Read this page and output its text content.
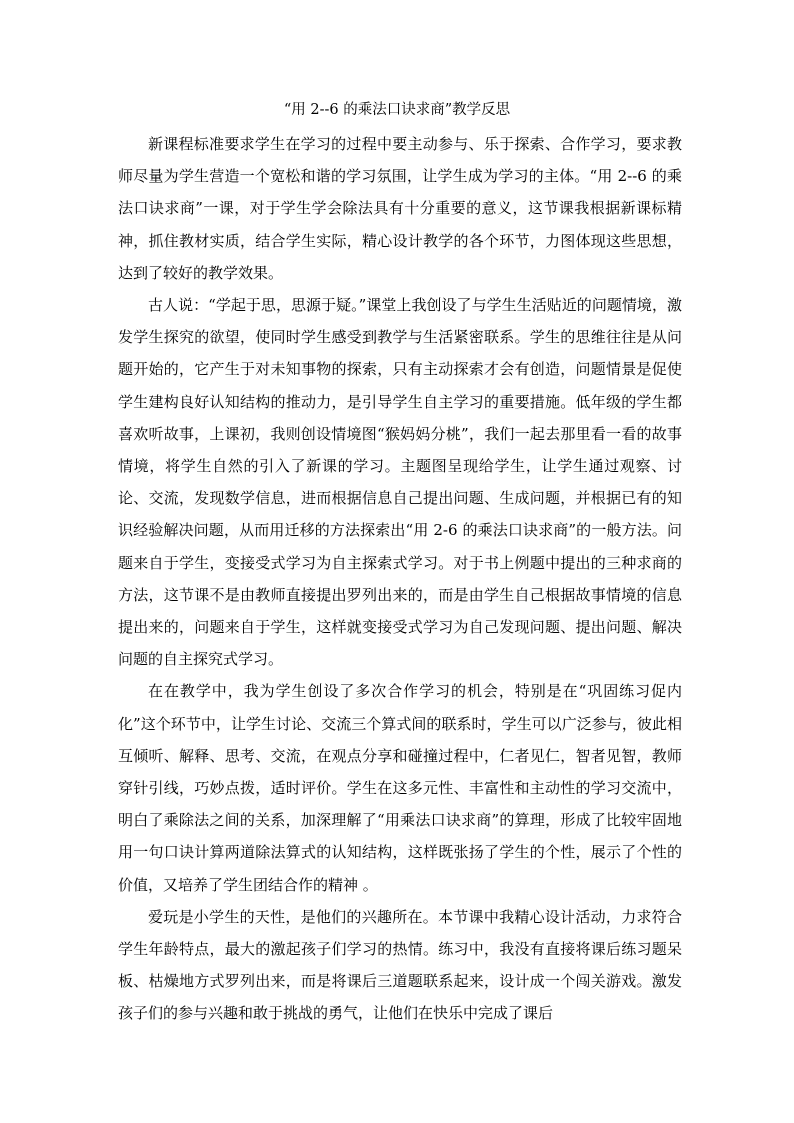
“用 2--6 的乘法口诀求商”教学反思

新课程标准要求学生在学习的过程中要主动参与、乐于探索、合作学习，要求教师尽量为学生营造一个宽松和谐的学习氛围，让学生成为学习的主体。“用 2--6 的乘法口诀求商”一课，对于学生学会除法具有十分重要的意义，这节课我根据新课标精神，抓住教材实质，结合学生实际，精心设计教学的各个环节，力图体现这些思想，达到了较好的教学效果。

古人说：“学起于思，思源于疑。”课堂上我创设了与学生生活贴近的问题情境，激发学生探究的欲望，使同时学生感受到教学与生活紧密联系。学生的思维往往是从问题开始的，它产生于对未知事物的探索，只有主动探索才会有创造，问题情景是促使学生建构良好认知结构的推动力，是引导学生自主学习的重要措施。低年级的学生都喜欢听故事，上课初，我则创设情境图“猴妈妈分桃”，我们一起去那里看一看的故事情境，将学生自然的引入了新课的学习。主题图呈现给学生，让学生通过观察、讨论、交流，发现数学信息，进而根据信息自己提出问题、生成问题，并根据已有的知识经验解决问题，从而用迁移的方法探索出“用 2-6 的乘法口诀求商”的一般方法。问题来自于学生，变接受式学习为自主探索式学习。对于书上例题中提出的三种求商的方法，这节课不是由教师直接提出罗列出来的，而是由学生自己根据故事情境的信息提出来的，问题来自于学生，这样就变接受式学习为自己发现问题、提出问题、解决问题的自主探究式学习。

在在教学中，我为学生创设了多次合作学习的机会，特别是在“巩固练习促内化”这个环节中，让学生讨论、交流三个算式间的联系时，学生可以广泛参与，彼此相互倾听、解释、思考、交流，在观点分享和碰撞过程中，仁者见仁，智者见智，教师穿针引线，巧妙点拨，适时评价。学生在这多元性、丰富性和主动性的学习交流中，明白了乘除法之间的关系，加深理解了“用乘法口诀求商”的算理，形成了比较牢固地用一句口诀计算两道除法算式的认知结构，这样既张扬了学生的个性，展示了个性的价值，又培养了学生团结合作的精神 。

爱玩是小学生的天性，是他们的兴趣所在。本节课中我精心设计活动，力求符合学生年龄特点，最大的激起孩子们学习的热情。练习中，我没有直接将课后练习题呆板、枯燥地方式罗列出来，而是将课后三道题联系起来，设计成一个闯关游戏。激发孩子们的参与兴趣和敢于挑战的勇气，让他们在快乐中完成了课后
